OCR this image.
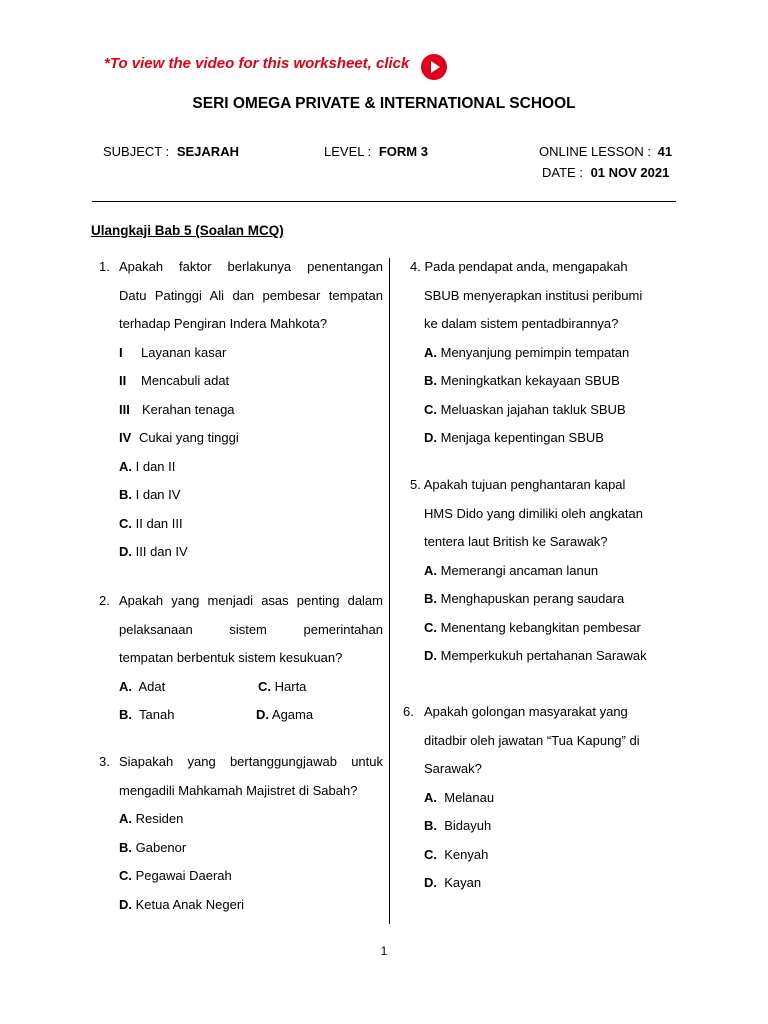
*To view the video for this worksheet, click
SERI OMEGA PRIVATE & INTERNATIONAL SCHOOL
SUBJECT : SEJARAH	LEVEL : FORM 3	ONLINE LESSON : 41
DATE : 01 NOV 2021
Ulangkaji Bab 5 (Soalan MCQ)
1. Apakah faktor berlakunya penentangan
Datu Patinggi Ali dan pembesar tempatan
terhadap Pengiran Indera Mahkota?
I Layanan kasar
II Mencabuli adat
III Kerahan tenaga
IV Cukai yang tinggi
A. I dan II
B. I dan IV
C. II dan III
D. III dan IV
2. Apakah yang menjadi asas penting dalam
pelaksanaan sistem pemerintahan
tempatan berbentuk sistem kesukuan?
A. Adat	C. Harta
B. Tanah	D. Agama
3. Siapakah yang bertanggungjawab untuk
mengadili Mahkamah Majistret di Sabah?
A. Residen
B. Gabenor
C. Pegawai Daerah
D. Ketua Anak Negeri
4. Pada pendapat anda, mengapakah
SBUB menyerapkan institusi peribumi
ke dalam sistem pentadbirannya?
A. Menyanjung pemimpin tempatan
B. Meningkatkan kekayaan SBUB
C. Meluaskan jajahan takluk SBUB
D. Menjaga kepentingan SBUB
5. Apakah tujuan penghantaran kapal
HMS Dido yang dimiliki oleh angkatan
tentera laut British ke Sarawak?
A. Memerangi ancaman lanun
B. Menghapuskan perang saudara
C. Menentang kebangkitan pembesar
D. Memperkukuh pertahanan Sarawak
6. Apakah golongan masyarakat yang
ditadbir oleh jawatan “Tua Kapung” di
Sarawak?
A. Melanau
B. Bidayuh
C. Kenyah
D. Kayan
1
